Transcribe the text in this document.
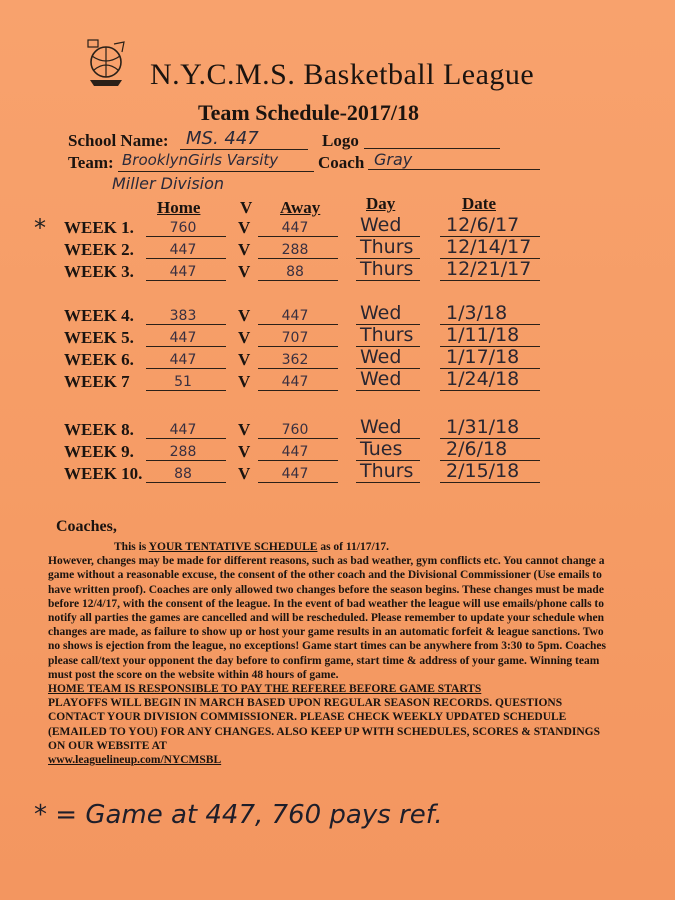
N.Y.C.M.S. Basketball League
Team Schedule-2017/18
School Name: MS. 447	Logo
Team: BrooklynGirls Varsity Coach Gray
Miller Division
Home V Away	Day	Date
* WEEK 1.	760	V	447	Wed 12/6/17
WEEK 2.	447	V	288	Thurs 12/14/17
WEEK 3.	447	V	88	Thurs 12/21/17
WEEK 4.	383	V	447	Wed 1/3/18
WEEK 5.	447	V	707	Thurs 1/11/18
WEEK 6.	447	V	362	Wed 1/17/18
WEEK 7	51	V	447	Wed 1/24/18
WEEK 8.	447	V	760	Wed 1/31/18
WEEK 9.	288	V	447	Tues 2/6/18
WEEK 10.	88	V	447	Thurs 2/15/18
Coaches,

This is YOUR TENTATIVE SCHEDULE as of 11/17/17.

However, changes may be made for different reasons, such as bad weather, gym conflicts etc. You cannot change a game without a reasonable excuse, the consent of the other coach and the Divisional Commissioner (Use emails to have written proof). Coaches are only allowed two changes before the season begins. These changes must be made before 12/4/17, with the consent of the league. In the event of bad weather the league will use emails/phone calls to notify all parties the games are cancelled and will be rescheduled. Please remember to update your schedule when changes are made, as failure to show up or host your game results in an automatic forfeit & league sanctions. Two no shows is ejection from the league, no exceptions! Game start times can be anywhere from 3:30 to 5pm. Coaches please call/text your opponent the day before to confirm game, start time & address of your game. Winning team must post the score on the website within 48 hours of game.

HOME TEAM IS RESPONSIBLE TO PAY THE REFEREE BEFORE GAME STARTS

PLAYOFFS WILL BEGIN IN MARCH BASED UPON REGULAR SEASON RECORDS. QUESTIONS CONTACT YOUR DIVISION COMMISSIONER. PLEASE CHECK WEEKLY UPDATED SCHEDULE (EMAILED TO YOU) FOR ANY CHANGES. ALSO KEEP UP WITH SCHEDULES, SCORES & STANDINGS ON OUR WEBSITE AT

www.leaguelineup.com/NYCMSBL

* = Game at 447, 760 pays ref.
